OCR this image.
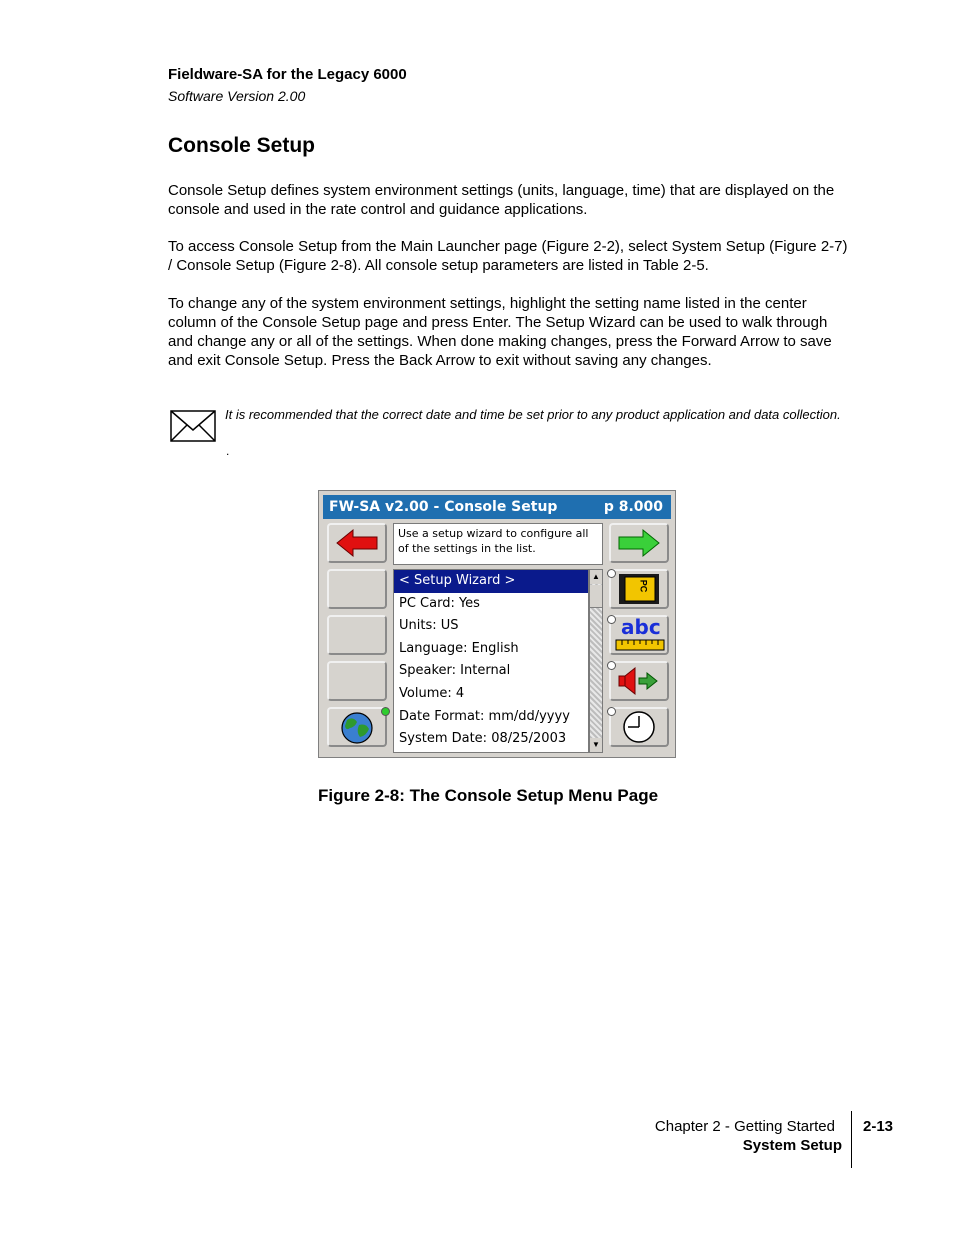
Fieldware-SA for the Legacy 6000
Software Version 2.00
Console Setup
Console Setup defines system environment settings (units, language, time) that are displayed on the console and used in the rate control and guidance applications.
To access Console Setup from the Main Launcher page (Figure 2-2), select System Setup (Figure 2-7) / Console Setup (Figure 2-8). All console setup parameters are listed in Table 2-5.
To change any of the system environment settings, highlight the setting name listed in the center column of the Console Setup page and press Enter. The Setup Wizard can be used to walk through and change any or all of the settings. When done making changes, press the Forward Arrow to save and exit Console Setup. Press the Back Arrow to exit without saving any changes.
It is recommended that the correct date and time be set prior to any product application and data collection.
.
FW-SA v2.00 - Console Setup	p 8.000
Use a setup wizard to configure all of the settings in the list.
< Setup Wizard >
PC Card: Yes
Units: US
Language: English
Speaker: Internal
Volume: 4
Date Format: mm/dd/yyyy
System Date: 08/25/2003
▲
▼
PC
abc
Figure 2-8: The Console Setup Menu Page
Chapter 2 - Getting Started
System Setup
2-13
